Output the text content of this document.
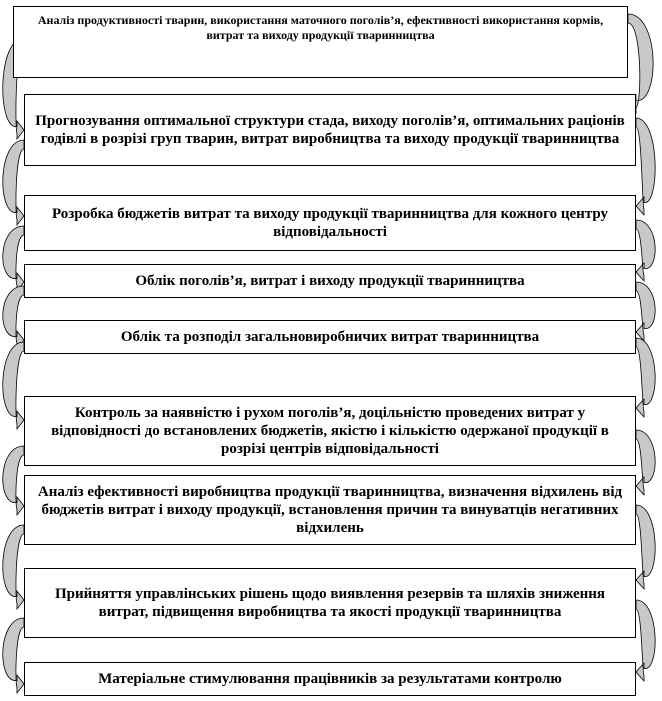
Аналіз продуктивності тварин, використання маточного поголів’я, ефективності використання кормів, витрат та виходу продукції тваринництва
Прогнозування оптимальної структури стада, виходу поголів’я, оптимальних раціонів годівлі в розрізі груп тварин, витрат виробництва та виходу продукції тваринництва
Розробка бюджетів витрат та виходу продукції тваринництва для кожного центру відповідальності
Облік поголів’я, витрат і виходу продукції тваринництва
Облік та розподіл загальновиробничих витрат тваринництва
Контроль за наявністю і рухом поголів’я, доцільністю проведених витрат у відповідності до встановлених бюджетів, якістю і кількістю одержаної продукції в розрізі центрів відповідальності
Аналіз ефективності виробництва продукції тваринництва, визначення відхилень від бюджетів витрат і виходу продукції, встановлення причин та винуватців негативних відхилень
Прийняття управлінських рішень щодо виявлення резервів та шляхів зниження витрат, підвищення виробництва та якості продукції тваринництва
Матеріальне стимулювання працівників за результатами контролю
